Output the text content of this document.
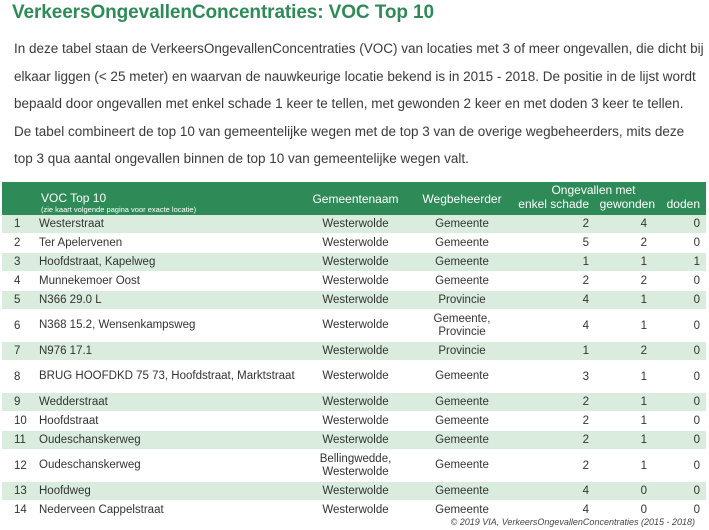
VerkeersOngevallenConcentraties: VOC Top 10

In deze tabel staan de VerkeersOngevallenConcentraties (VOC) van locaties met 3 of meer ongevallen, die dicht bij elkaar liggen (< 25 meter) en waarvan de nauwkeurige locatie bekend is in 2015 - 2018. De positie in de lijst wordt bepaald door ongevallen met enkel schade 1 keer te tellen, met gewonden 2 keer en met doden 3 keer te tellen. De tabel combineert de top 10 van gemeentelijke wegen met de top 3 van de overige wegbeheerders, mits deze top 3 qua aantal ongevallen binnen de top 10 van gemeentelijke wegen valt.

VOC Top 10
(zie kaart volgende pagina voor exacte locatie)		Gemeentenaam	Wegbeheerder	Ongevallen met		
				enkel schade	gewonden	doden
1	Westerstraat	Westerwolde	Gemeente	2	4	0
2	Ter Apelervenen	Westerwolde	Gemeente	5	2	0
3	Hoofdstraat, Kapelweg	Westerwolde	Gemeente	1	1	1
4	Munnekemoer Oost	Westerwolde	Gemeente	2	2	0
5	N366 29.0 L	Westerwolde	Provincie	4	1	0
6	N368 15.2, Wensenkampsweg	Westerwolde	Gemeente, Provincie	4	1	0
7	N976 17.1	Westerwolde	Provincie	1	2	0
8	BRUG HOOFDKD 75 73, Hoofdstraat, Marktstraat	Westerwolde	Gemeente	3	1	0
9	Wedderstraat	Westerwolde	Gemeente	2	1	0
10	Hoofdstraat	Westerwolde	Gemeente	2	1	0
11	Oudeschanskerweg	Westerwolde	Gemeente	2	1	0
12	Oudeschanskerweg	Bellingwedde, Westerwolde	Gemeente	2	1	0
13	Hoofdweg	Westerwolde	Gemeente	4	0	0
14	Nederveen Cappelstraat	Westerwolde	Gemeente	4	0	0
© 2019 VIA, VerkeersOngevallenConcentraties (2015 - 2018)
